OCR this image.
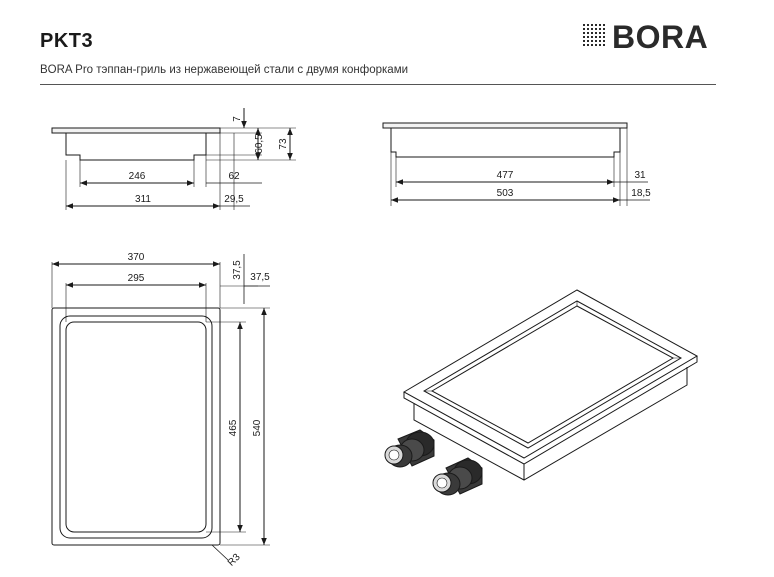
PKT3
BORA Pro тэппан-гриль из нержавеющей стали с двумя конфорками
BORA
246	62
311	29,5
7
60,5 73
477	31
503	18,5
370
295	37,5 37,5
465 540
R3
